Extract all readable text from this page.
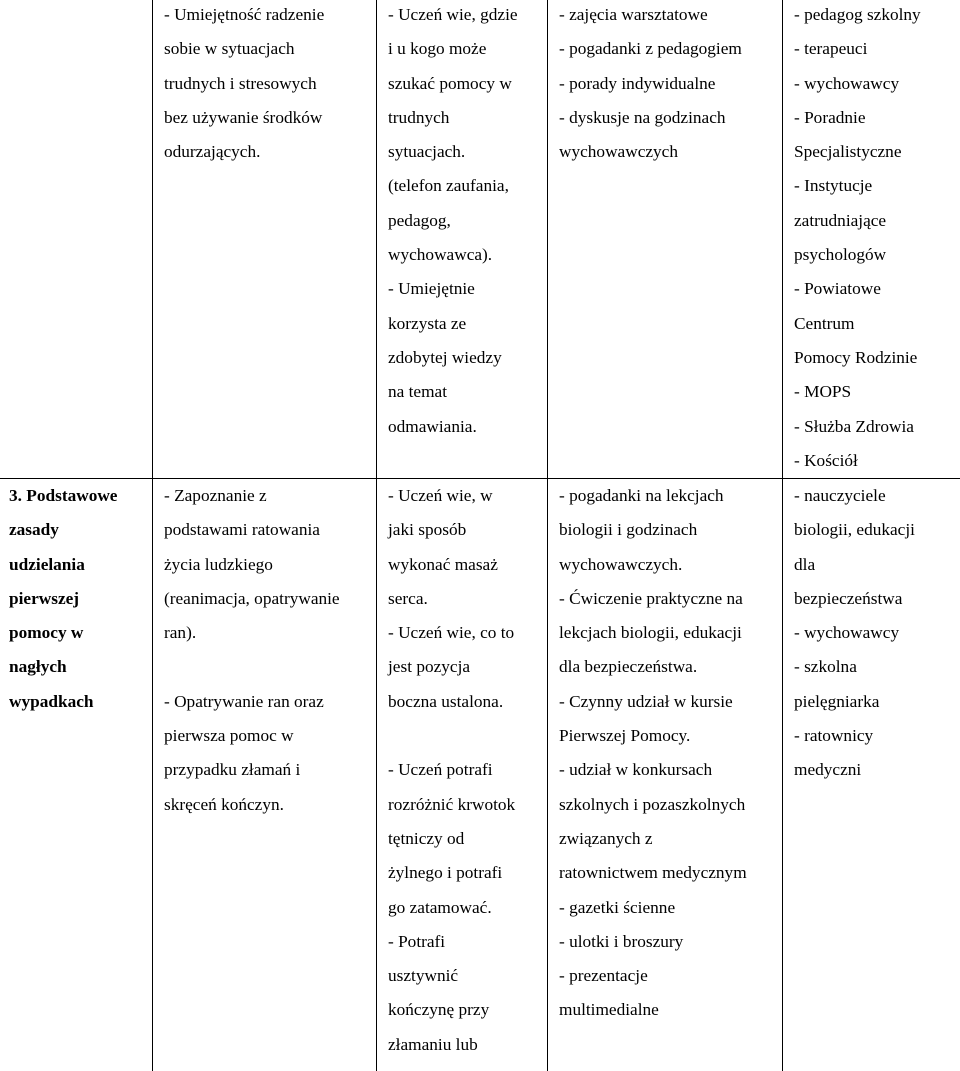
- Umiejętność radzenie
sobie w sytuacjach
trudnych i stresowych
bez używanie środków
odurzających.
- Uczeń wie, gdzie
i u kogo może
szukać pomocy w
trudnych
sytuacjach.
(telefon zaufania,
pedagog,
wychowawca).
- Umiejętnie
korzysta ze
zdobytej wiedzy
na temat
odmawiania.
- zajęcia warsztatowe
- pogadanki z pedagogiem
- porady indywidualne
- dyskusje na godzinach
wychowawczych
- pedagog szkolny
- terapeuci
- wychowawcy
- Poradnie
Specjalistyczne
- Instytucje
zatrudniające
psychologów
- Powiatowe
Centrum
Pomocy Rodzinie
- MOPS
- Służba Zdrowia
- Kościół
3. Podstawowe
zasady
udzielania
pierwszej
pomocy w
nagłych
wypadkach
- Zapoznanie z
podstawami ratowania
życia ludzkiego
(reanimacja, opatrywanie
ran).
- Opatrywanie ran oraz
pierwsza pomoc w
przypadku złamań i
skręceń kończyn.
- Uczeń wie, w
jaki sposób
wykonać masaż
serca.
- Uczeń wie, co to
jest pozycja
boczna ustalona.
- Uczeń potrafi
rozróżnić krwotok
tętniczy od
żylnego i potrafi
go zatamować.
- Potrafi
usztywnić
kończynę przy
złamaniu lub
- pogadanki na lekcjach
biologii i godzinach
wychowawczych.
- Ćwiczenie praktyczne na
lekcjach biologii, edukacji
dla bezpieczeństwa.
- Czynny udział w kursie
Pierwszej Pomocy.
- udział w konkursach
szkolnych i pozaszkolnych
związanych z
ratownictwem medycznym
- gazetki ścienne
- ulotki i broszury
- prezentacje
multimedialne
- nauczyciele
biologii, edukacji
dla
bezpieczeństwa
- wychowawcy
- szkolna
pielęgniarka
- ratownicy
medyczni
